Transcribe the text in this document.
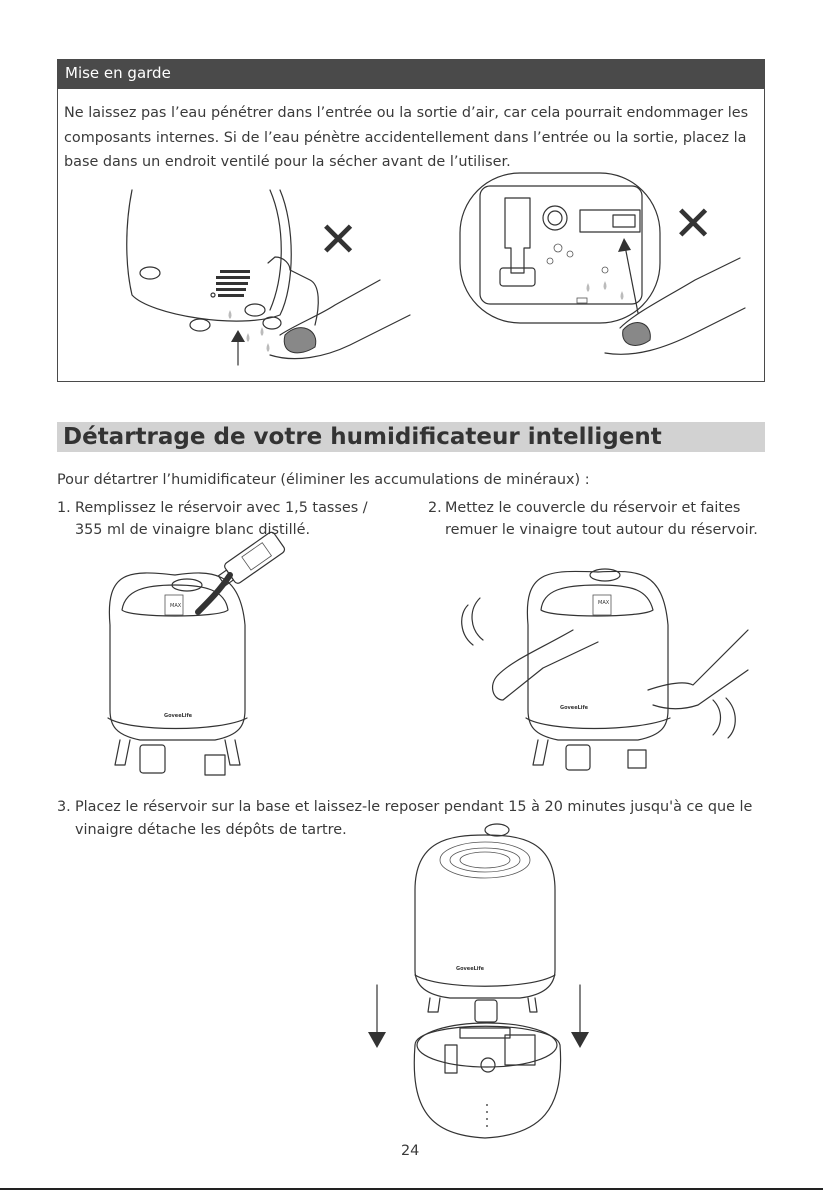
Mise en garde
Ne laissez pas l’eau pénétrer dans l’entrée ou la sortie d’air, car cela pourrait endommager les composants internes. Si de l’eau pénètre accidentellement dans l’entrée ou la sortie, placez la base dans un endroit ventilé pour la sécher avant de l’utiliser.
✕	✕
Détartrage de votre humidificateur intelligent
Pour détartrer l’humidificateur (éliminer les accumulations de minéraux) :
1. Remplissez le réservoir avec 1,5 tasses /
355 ml de vinaigre blanc distillé.
2. Mettez le couvercle du réservoir et faites
remuer le vinaigre tout autour du réservoir.
MAX
GoveeLife
MAX
GoveeLife
3. Placez le réservoir sur la base et laissez-le reposer pendant 15 à 20 minutes jusqu'à ce que le
vinaigre détache les dépôts de tartre.
GoveeLife
24
